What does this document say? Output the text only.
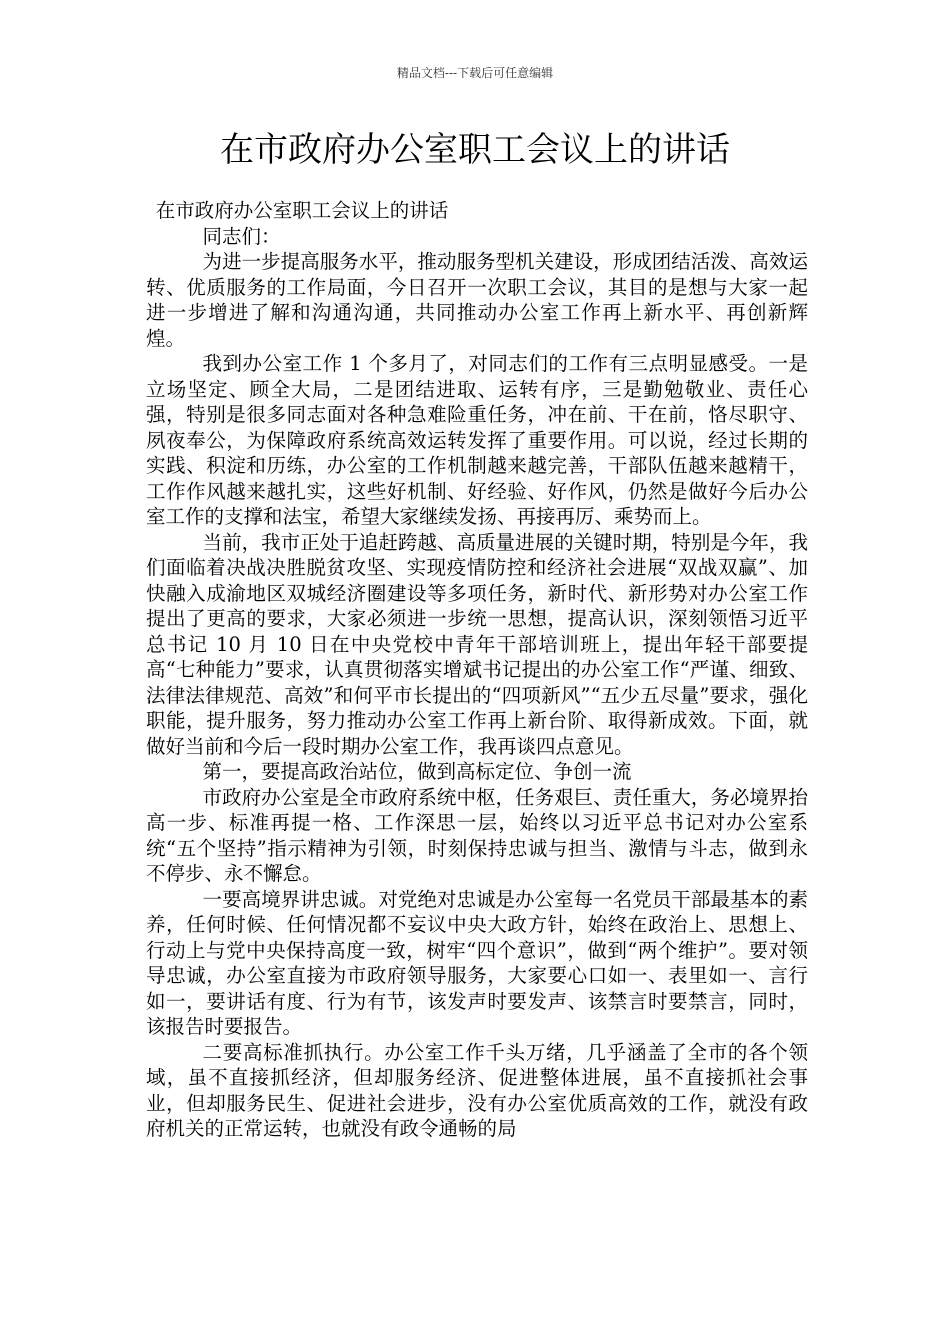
精品文档---下载后可任意编辑
在市政府办公室职工会议上的讲话

在市政府办公室职工会议上的讲话

同志们：

为进一步提高服务水平，推动服务型机关建设，形成团结活泼、高效运转、优质服务的工作局面，今日召开一次职工会议，其目的是想与大家一起进一步增进了解和沟通沟通，共同推动办公室工作再上新水平、再创新辉煌。

我到办公室工作 1 个多月了，对同志们的工作有三点明显感受。一是立场坚定、顾全大局，二是团结进取、运转有序，三是勤勉敬业、责任心强，特别是很多同志面对各种急难险重任务，冲在前、干在前，恪尽职守、夙夜奉公，为保障政府系统高效运转发挥了重要作用。可以说，经过长期的实践、积淀和历练，办公室的工作机制越来越完善，干部队伍越来越精干，工作作风越来越扎实，这些好机制、好经验、好作风，仍然是做好今后办公室工作的支撑和法宝，希望大家继续发扬、再接再厉、乘势而上。

当前，我市正处于追赶跨越、高质量进展的关键时期，特别是今年，我们面临着决战决胜脱贫攻坚、实现疫情防控和经济社会进展“双战双赢”、加快融入成渝地区双城经济圈建设等多项任务，新时代、新形势对办公室工作提出了更高的要求，大家必须进一步统一思想，提高认识，深刻领悟习近平总书记 10 月 10 日在中央党校中青年干部培训班上，提出年轻干部要提高“七种能力”要求，认真贯彻落实增斌书记提出的办公室工作“严谨、细致、法律法律规范、高效”和何平市长提出的“四项新风”“五少五尽量”要求，强化职能，提升服务，努力推动办公室工作再上新台阶、取得新成效。下面，就做好当前和今后一段时期办公室工作，我再谈四点意见。

第一，要提高政治站位，做到高标定位、争创一流

市政府办公室是全市政府系统中枢，任务艰巨、责任重大，务必境界抬高一步、标准再提一格、工作深思一层，始终以习近平总书记对办公室系统“五个坚持”指示精神为引领，时刻保持忠诚与担当、激情与斗志，做到永不停步、永不懈怠。

一要高境界讲忠诚。对党绝对忠诚是办公室每一名党员干部最基本的素养，任何时候、任何情况都不妄议中央大政方针，始终在政治上、思想上、行动上与党中央保持高度一致，树牢“四个意识”，做到“两个维护”。要对领导忠诚，办公室直接为市政府领导服务，大家要心口如一、表里如一、言行如一，要讲话有度、行为有节，该发声时要发声、该禁言时要禁言，同时，该报告时要报告。

二要高标准抓执行。办公室工作千头万绪，几乎涵盖了全市的各个领域，虽不直接抓经济，但却服务经济、促进整体进展，虽不直接抓社会事业，但却服务民生、促进社会进步，没有办公室优质高效的工作，就没有政府机关的正常运转，也就没有政令通畅的局
